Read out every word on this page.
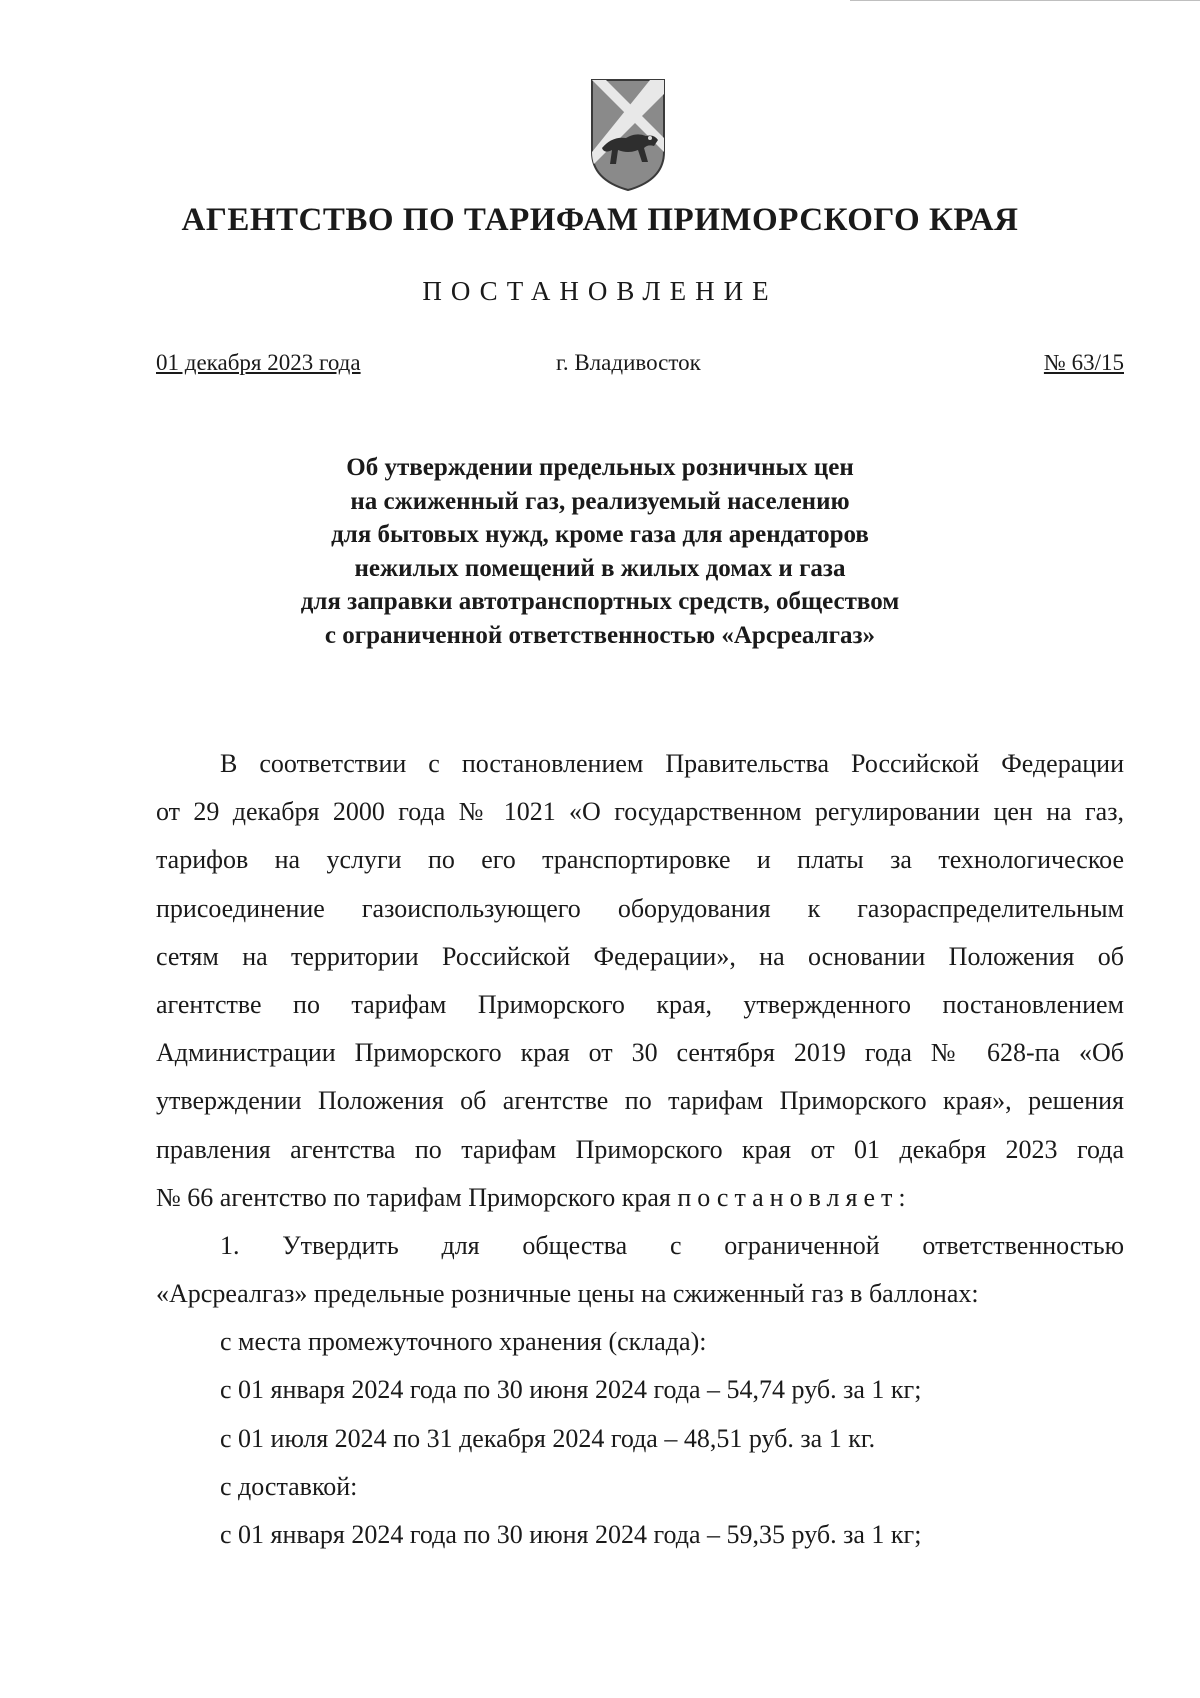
АГЕНТСТВО ПО ТАРИФАМ ПРИМОРСКОГО КРАЯ
ПОСТАНОВЛЕНИЕ
01 декабря 2023 года	г. Владивосток	№ 63/15
Об утверждении предельных розничных цен
на сжиженный газ, реализуемый населению
для бытовых нужд, кроме газа для арендаторов
нежилых помещений в жилых домах и газа
для заправки автотранспортных средств, обществом
с ограниченной ответственностью «Арсреалгаз»
В соответствии с постановлением Правительства Российской Федерации
от 29 декабря 2000 года № 1021 «О государственном регулировании цен на газ,
тарифов на услуги по его транспортировке и платы за технологическое
присоединение газоиспользующего оборудования к газораспределительным
сетям на территории Российской Федерации», на основании Положения об
агентстве по тарифам Приморского края, утвержденного постановлением
Администрации Приморского края от 30 сентября 2019 года № 628-па «Об
утверждении Положения об агентстве по тарифам Приморского края», решения
правления агентства по тарифам Приморского края от 01 декабря 2023 года
№ 66 агентство по тарифам Приморского края постановляет:
1. Утвердить для общества с ограниченной ответственностью
«Арсреалгаз» предельные розничные цены на сжиженный газ в баллонах:
с места промежуточного хранения (склада):
с 01 января 2024 года по 30 июня 2024 года – 54,74 руб. за 1 кг;
с 01 июля 2024 по 31 декабря 2024 года – 48,51 руб. за 1 кг.
с доставкой:
с 01 января 2024 года по 30 июня 2024 года – 59,35 руб. за 1 кг;
